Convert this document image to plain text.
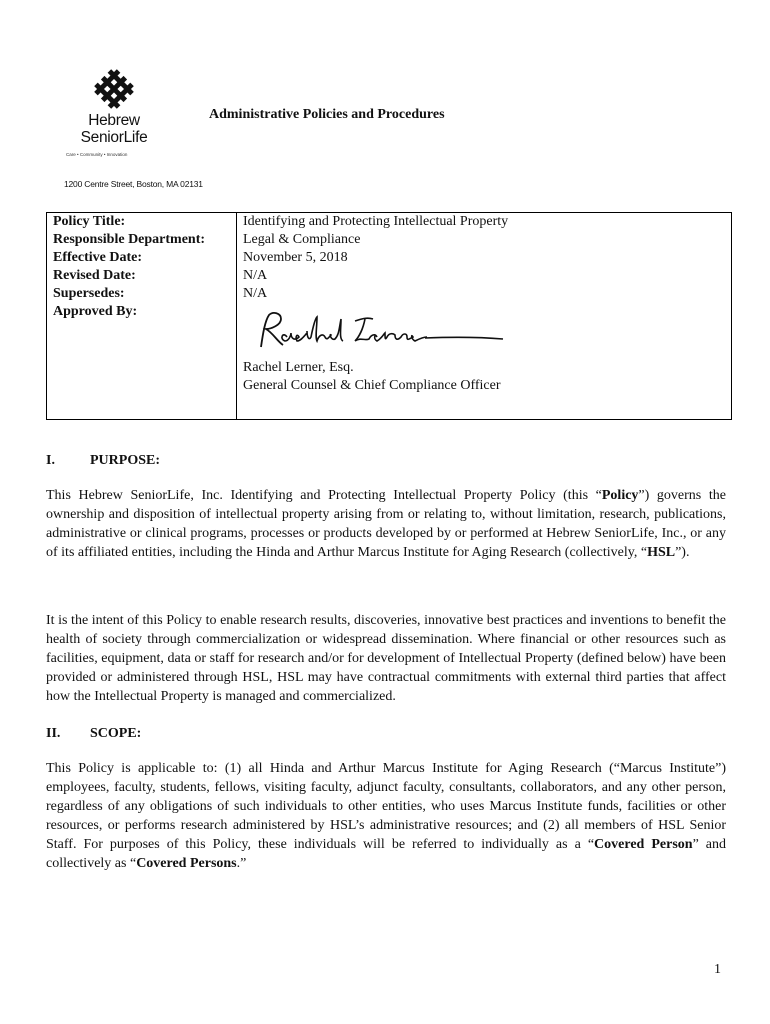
Hebrew
SeniorLife
Care • Community • Innovation
Administrative Policies and Procedures
1200 Centre Street, Boston, MA 02131
Policy Title:	Identifying and Protecting Intellectual Property
Responsible Department:	Legal & Compliance
Effective Date:	November 5, 2018
Revised Date:	N/A
Supersedes:	N/A
Approved By:	Rachel Lerner, Esq.
General Counsel & Chief Compliance Officer
I.	PURPOSE:

This Hebrew SeniorLife, Inc. Identifying and Protecting Intellectual Property Policy (this “Policy”) governs the ownership and disposition of intellectual property arising from or relating to, without limitation, research, publications, administrative or clinical programs, processes or products developed by or performed at Hebrew SeniorLife, Inc., or any of its affiliated entities, including the Hinda and Arthur Marcus Institute for Aging Research (collectively, “HSL”).

It is the intent of this Policy to enable research results, discoveries, innovative best practices and inventions to benefit the health of society through commercialization or widespread dissemination. Where financial or other resources such as facilities, equipment, data or staff for research and/or for development of Intellectual Property (defined below) have been provided or administered through HSL, HSL may have contractual commitments with external third parties that affect how the Intellectual Property is managed and commercialized.

II. SCOPE:

This Policy is applicable to: (1) all Hinda and Arthur Marcus Institute for Aging Research (“Marcus Institute”) employees, faculty, students, fellows, visiting faculty, adjunct faculty, consultants, collaborators, and any other person, regardless of any obligations of such individuals to other entities, who uses Marcus Institute funds, facilities or other resources, or performs research administered by HSL’s administrative resources; and (2) all members of HSL Senior Staff. For purposes of this Policy, these individuals will be referred to individually as a “Covered Person” and collectively as “Covered Persons.”

1
